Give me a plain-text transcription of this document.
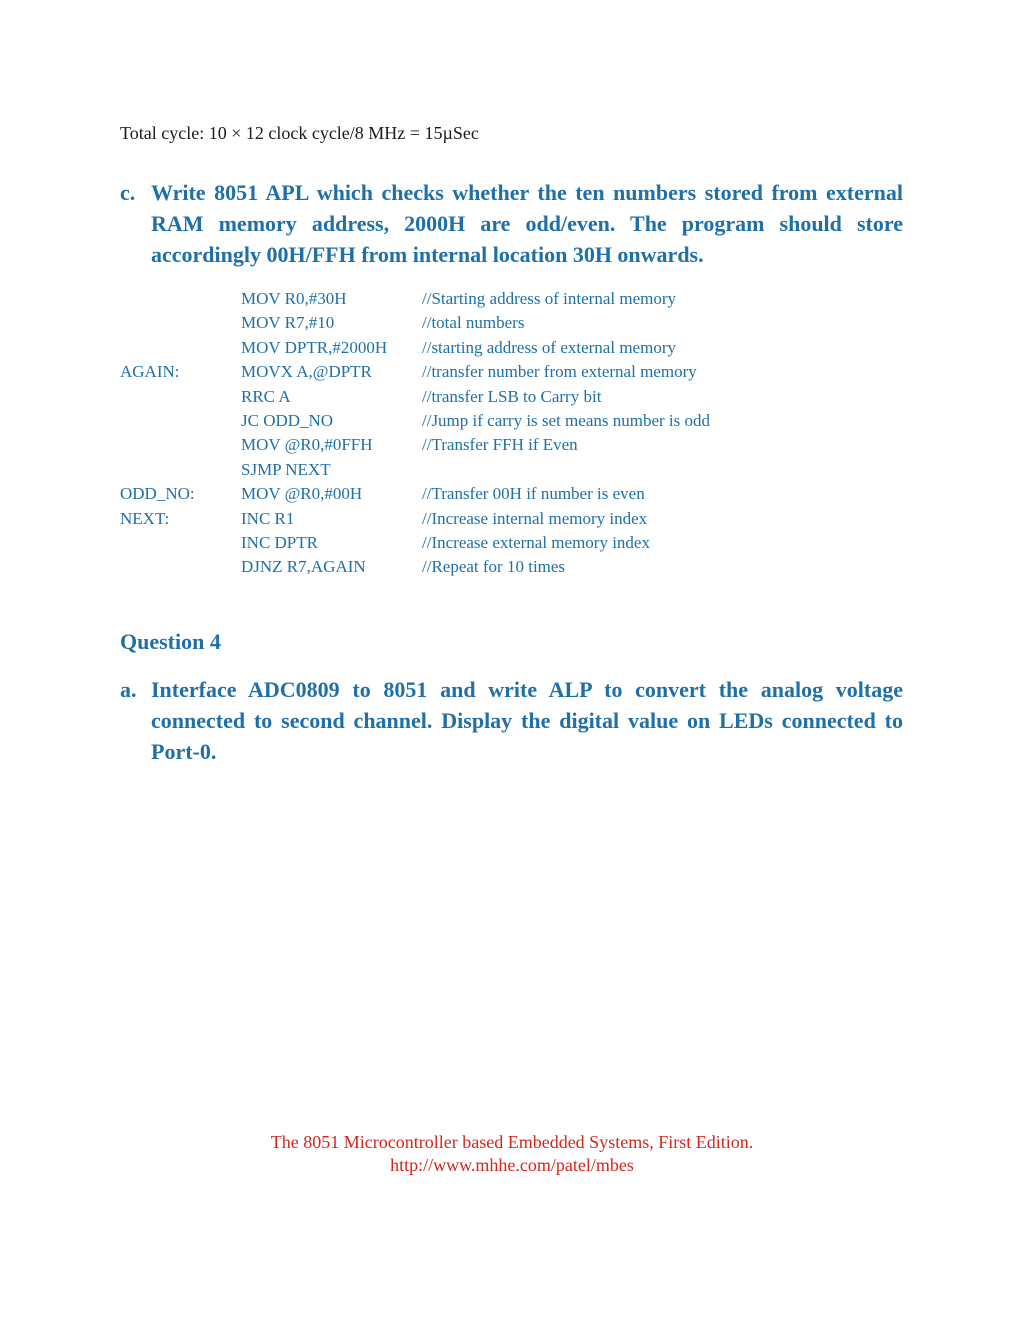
Total cycle: 10 × 12 clock cycle/8 MHz = 15µSec
c. Write 8051 APL which checks whether the ten numbers stored from external RAM memory address, 2000H are odd/even. The program should store accordingly 00H/FFH from internal location 30H onwards.
MOV R0,#30H	//Starting address of internal memory
MOV R7,#10	//total numbers
MOV DPTR,#2000H //starting address of external memory
AGAIN:	MOVX A,@DPTR	//transfer number from external memory
RRC A	//transfer LSB to Carry bit
JC ODD_NO	//Jump if carry is set means number is odd
MOV @R0,#0FFH	//Transfer FFH if Even
SJMP NEXT
ODD_NO:	MOV @R0,#00H	//Transfer 00H if number is even
NEXT:	INC R1	//Increase internal memory index
INC DPTR	//Increase external memory index
DJNZ R7,AGAIN	//Repeat for 10 times
Question 4
a. Interface ADC0809 to 8051 and write ALP to convert the analog voltage connected to second channel. Display the digital value on LEDs connected to Port-0.
The 8051 Microcontroller based Embedded Systems, First Edition.
http://www.mhhe.com/patel/mbes
